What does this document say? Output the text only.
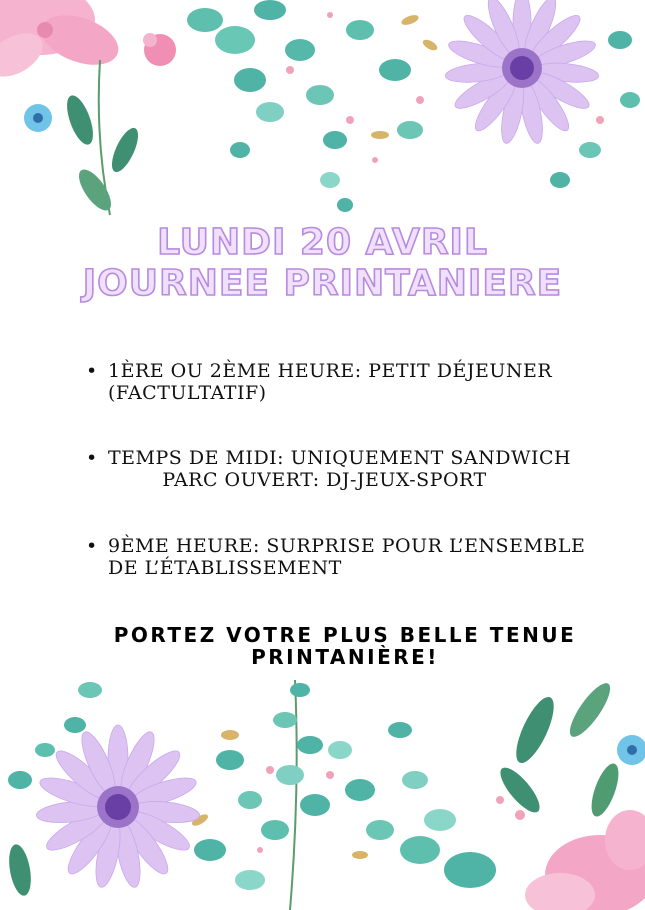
LUNDI 20 AVRIL
JOURNEE PRINTANIERE
• 1ÈRE OU 2ÈME HEURE: PETIT DÉJEUNER
(FACTULTATIF)
• TEMPS DE MIDI: UNIQUEMENT SANDWICH
PARC OUVERT: DJ-JEUX-SPORT
• 9ÈME HEURE: SURPRISE POUR L’ENSEMBLE
DE L’ÉTABLISSEMENT
PORTEZ VOTRE PLUS BELLE TENUE
PRINTANIÈRE!
